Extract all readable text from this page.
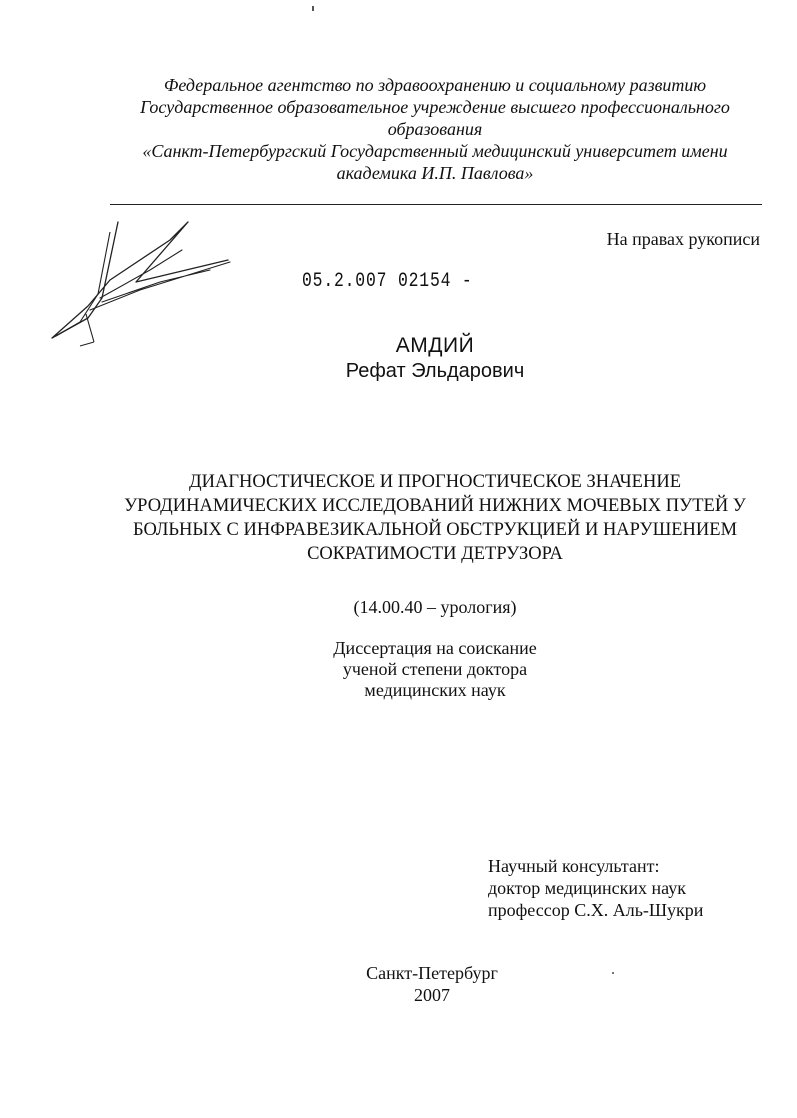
Федеральное агентство по здравоохранению и социальному развитию
Государственное образовательное учреждение высшего профессионального
образования
«Санкт-Петербургский Государственный медицинский университет имени
академика И.П. Павлова»
На правах рукописи
05.2.007 02154 -
АМДИЙ
Рефат Эльдарович
ДИАГНОСТИЧЕСКОЕ И ПРОГНОСТИЧЕСКОЕ ЗНАЧЕНИЕ
УРОДИНАМИЧЕСКИХ ИССЛЕДОВАНИЙ НИЖНИХ МОЧЕВЫХ ПУТЕЙ У
БОЛЬНЫХ С ИНФРАВЕЗИКАЛЬНОЙ ОБСТРУКЦИЕЙ И НАРУШЕНИЕМ
СОКРАТИМОСТИ ДЕТРУЗОРА
(14.00.40 – урология)
Диссертация на соискание
ученой степени доктора
медицинских наук
Научный консультант:
доктор медицинских наук
профессор С.Х. Аль-Шукри
Санкт-Петербург
2007
